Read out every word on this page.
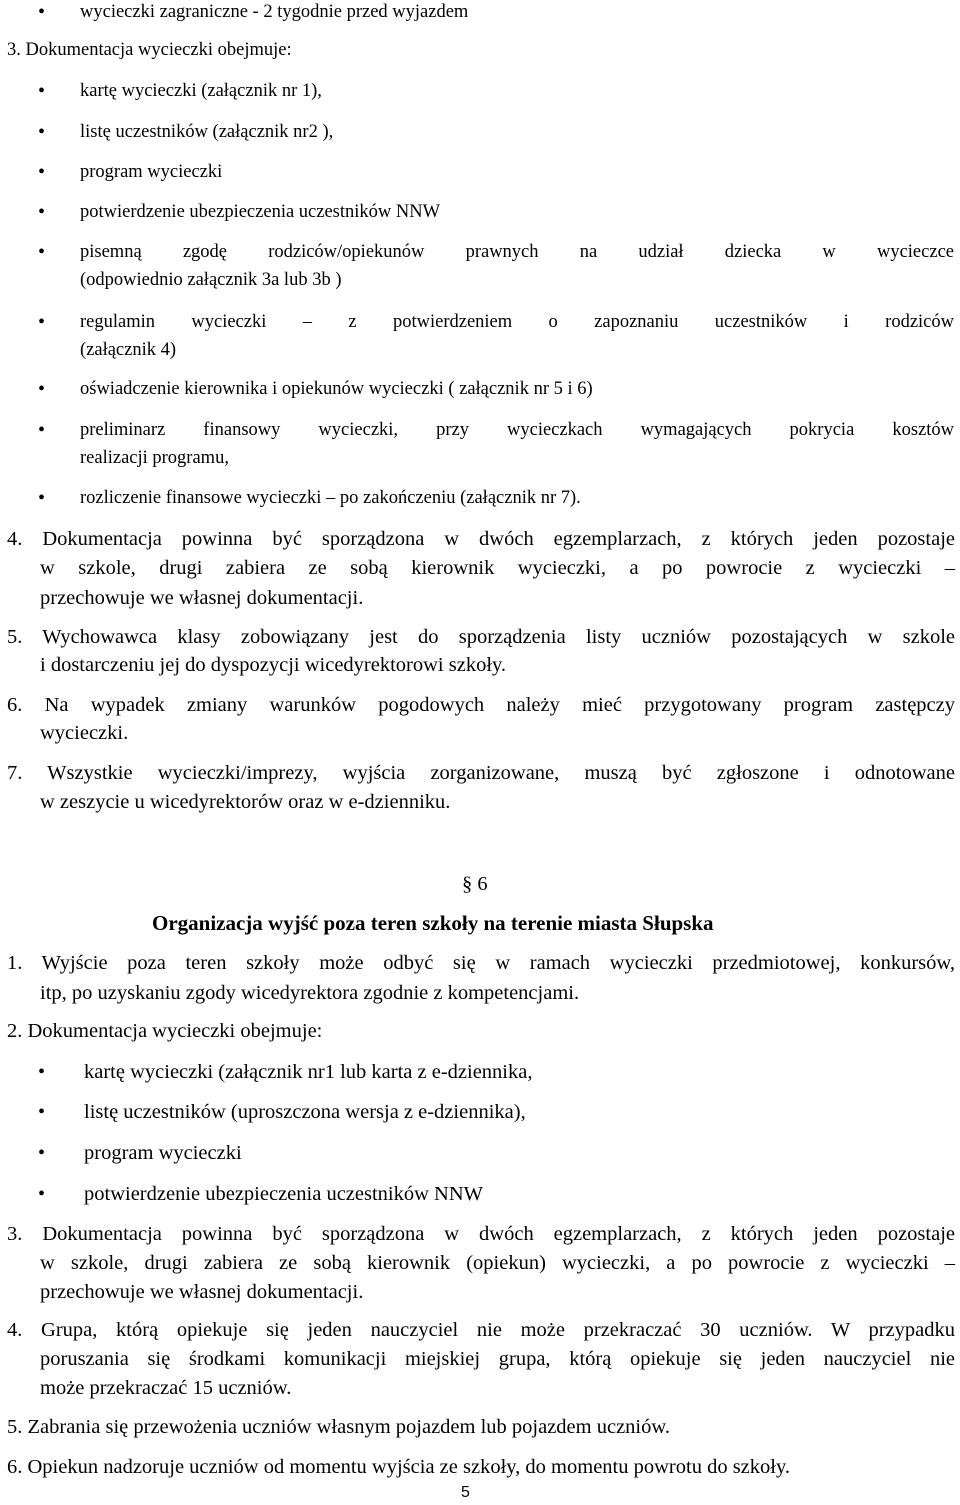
• wycieczki zagraniczne - 2 tygodnie przed wyjazdem
3. Dokumentacja wycieczki obejmuje:
• kartę wycieczki (załącznik nr 1),
• listę uczestników (załącznik nr2 ),
• program wycieczki
• potwierdzenie ubezpieczenia uczestników NNW
• pisemną zgodę rodziców/opiekunów prawnych na udział dziecka w wycieczce
(odpowiednio załącznik 3a lub 3b )
• regulamin wycieczki – z potwierdzeniem o zapoznaniu uczestników i rodziców
(załącznik 4)
• oświadczenie kierownika i opiekunów wycieczki ( załącznik nr 5 i 6)
• preliminarz finansowy wycieczki, przy wycieczkach wymagających pokrycia kosztów
realizacji programu,
• rozliczenie finansowe wycieczki – po zakończeniu (załącznik nr 7).
4. Dokumentacja powinna być sporządzona w dwóch egzemplarzach, z których jeden pozostaje
w szkole, drugi zabiera ze sobą kierownik wycieczki, a po powrocie z wycieczki –
przechowuje we własnej dokumentacji.
5. Wychowawca klasy zobowiązany jest do sporządzenia listy uczniów pozostających w szkole
i dostarczeniu jej do dyspozycji wicedyrektorowi szkoły.
6. Na wypadek zmiany warunków pogodowych należy mieć przygotowany program zastępczy
wycieczki.
7. Wszystkie wycieczki/imprezy, wyjścia zorganizowane, muszą być zgłoszone i odnotowane
w zeszycie u wicedyrektorów oraz w e-dzienniku.
§ 6
Organizacja wyjść poza teren szkoły na terenie miasta Słupska
1. Wyjście poza teren szkoły może odbyć się w ramach wycieczki przedmiotowej, konkursów,
itp, po uzyskaniu zgody wicedyrektora zgodnie z kompetencjami.
2. Dokumentacja wycieczki obejmuje:
• kartę wycieczki (załącznik nr1 lub karta z e-dziennika,
• listę uczestników (uproszczona wersja z e-dziennika),
• program wycieczki
• potwierdzenie ubezpieczenia uczestników NNW
3. Dokumentacja powinna być sporządzona w dwóch egzemplarzach, z których jeden pozostaje
w szkole, drugi zabiera ze sobą kierownik (opiekun) wycieczki, a po powrocie z wycieczki –
przechowuje we własnej dokumentacji.
4. Grupa, którą opiekuje się jeden nauczyciel nie może przekraczać 30 uczniów. W przypadku
poruszania się środkami komunikacji miejskiej grupa, którą opiekuje się jeden nauczyciel nie
może przekraczać 15 uczniów.
5. Zabrania się przewożenia uczniów własnym pojazdem lub pojazdem uczniów.
6. Opiekun nadzoruje uczniów od momentu wyjścia ze szkoły, do momentu powrotu do szkoły.
5
